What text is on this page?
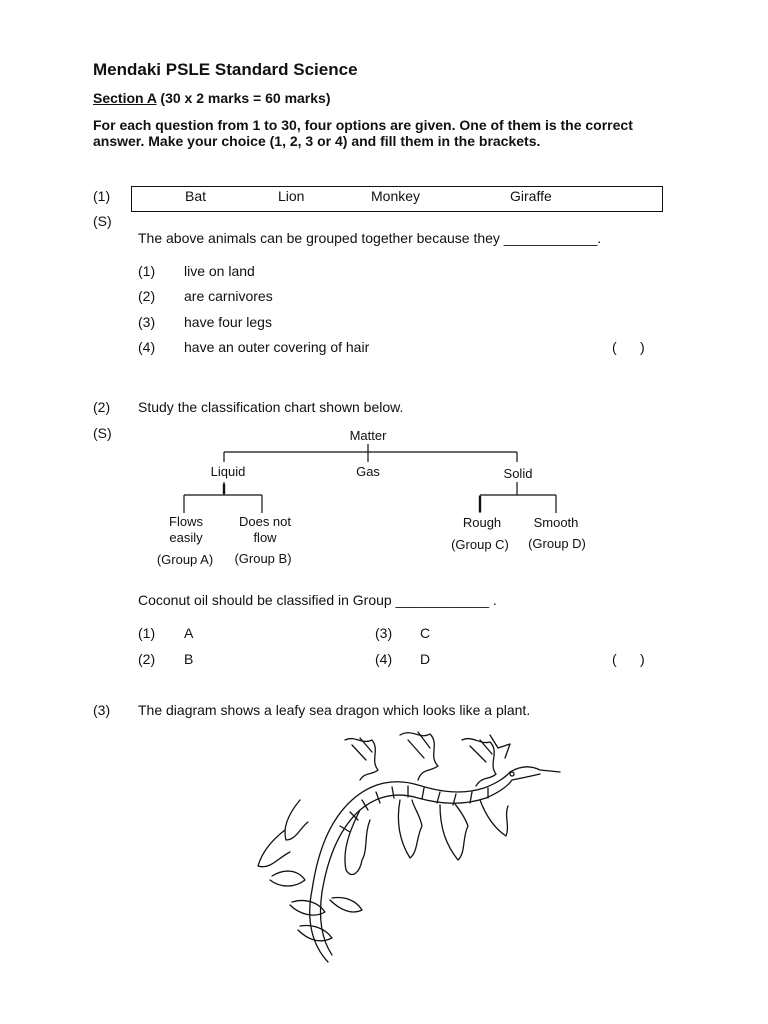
Mendaki PSLE Standard Science
Section A (30 x 2 marks = 60 marks)
For each question from 1 to 30, four options are given. One of them is the correct answer. Make your choice (1, 2, 3 or 4) and fill them in the brackets.
(1)
(S)
Bat	Lion	Monkey	Giraffe
The above animals can be grouped together because they ____________.
(1) live on land
(2) are carnivores
(3) have four legs
(4) have an outer covering of hair	(      )
(2) Study the classification chart shown below.
(S)	Matter
Liquid	Gas	Solid
Flows
easily
(Group A)
Does not
flow
(Group B)
Rough
(Group C)
Smooth
(Group D)
Coconut oil should be classified in Group ____________ .
(1) A
(2) B
(3) C
(4) D	(      )
(3) The diagram shows a leafy sea dragon which looks like a plant.
